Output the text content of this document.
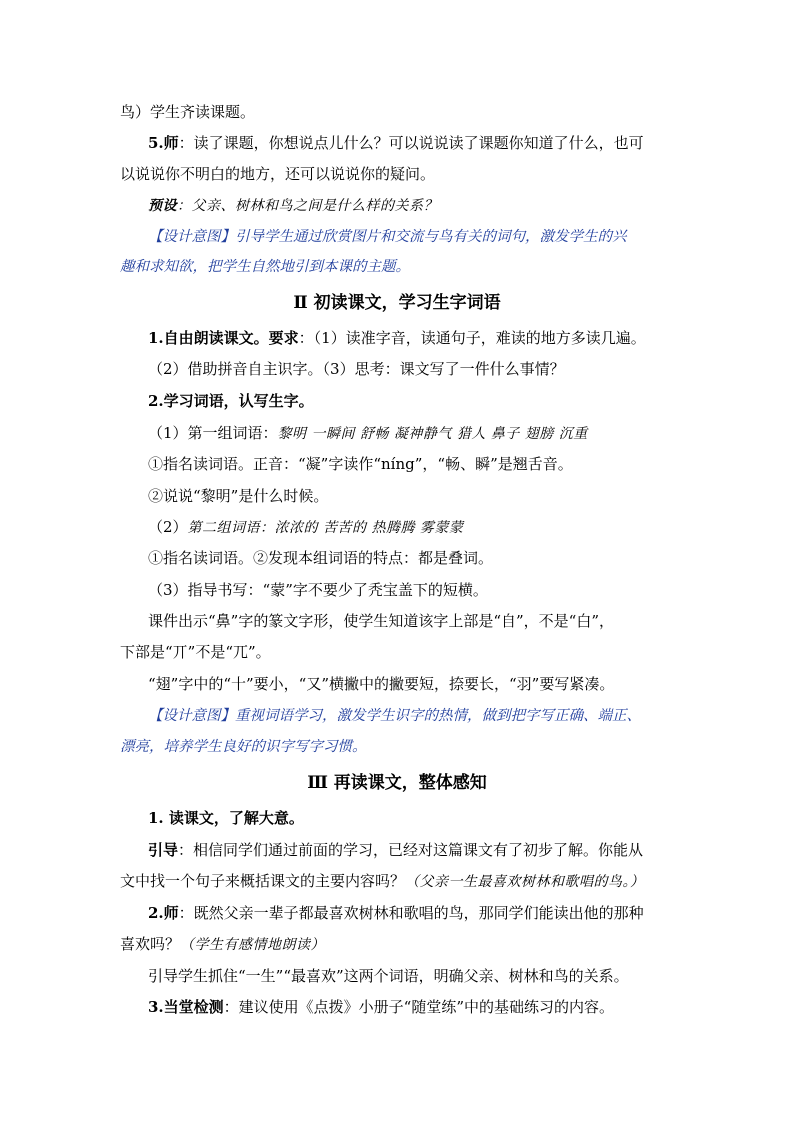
鸟）学生齐读课题。
5.师：读了课题，你想说点儿什么？可以说说读了课题你知道了什么，也可
以说说你不明白的地方，还可以说说你的疑问。
预设：父亲、树林和鸟之间是什么样的关系？
【设计意图】引导学生通过欣赏图片和交流与鸟有关的词句，激发学生的兴
趣和求知欲，把学生自然地引到本课的主题。
Ⅱ 初读课文，学习生字词语
1.自由朗读课文。要求：（1）读准字音，读通句子，难读的地方多读几遍。
（2）借助拼音自主识字。（3）思考：课文写了一件什么事情？
2.学习词语，认写生字。
（1）第一组词语：黎明 一瞬间 舒畅 凝神静气 猎人 鼻子 翅膀 沉重
①指名读词语。正音：“凝”字读作“níng”，“畅、瞬”是翘舌音。
②说说“黎明”是什么时候。
（2）第二组词语：浓浓的 苦苦的 热腾腾 雾蒙蒙
①指名读词语。②发现本组词语的特点：都是叠词。
（3）指导书写：“蒙”字不要少了秃宝盖下的短横。
课件出示“鼻”字的篆文字形，使学生知道该字上部是“自”，不是“白”，
下部是“丌”不是“兀”。
“翅”字中的“十”要小，“又”横撇中的撇要短，捺要长，“羽”要写紧凑。
【设计意图】重视词语学习，激发学生识字的热情，做到把字写正确、端正、
漂亮，培养学生良好的识字写字习惯。
Ⅲ 再读课文，整体感知
1. 读课文，了解大意。
引导：相信同学们通过前面的学习，已经对这篇课文有了初步了解。你能从
文中找一个句子来概括课文的主要内容吗？（父亲一生最喜欢树林和歌唱的鸟。）
2.师：既然父亲一辈子都最喜欢树林和歌唱的鸟，那同学们能读出他的那种
喜欢吗？（学生有感情地朗读）
引导学生抓住“一生”“最喜欢”这两个词语，明确父亲、树林和鸟的关系。
3.当堂检测：建议使用《点拨》小册子“随堂练”中的基础练习的内容。
